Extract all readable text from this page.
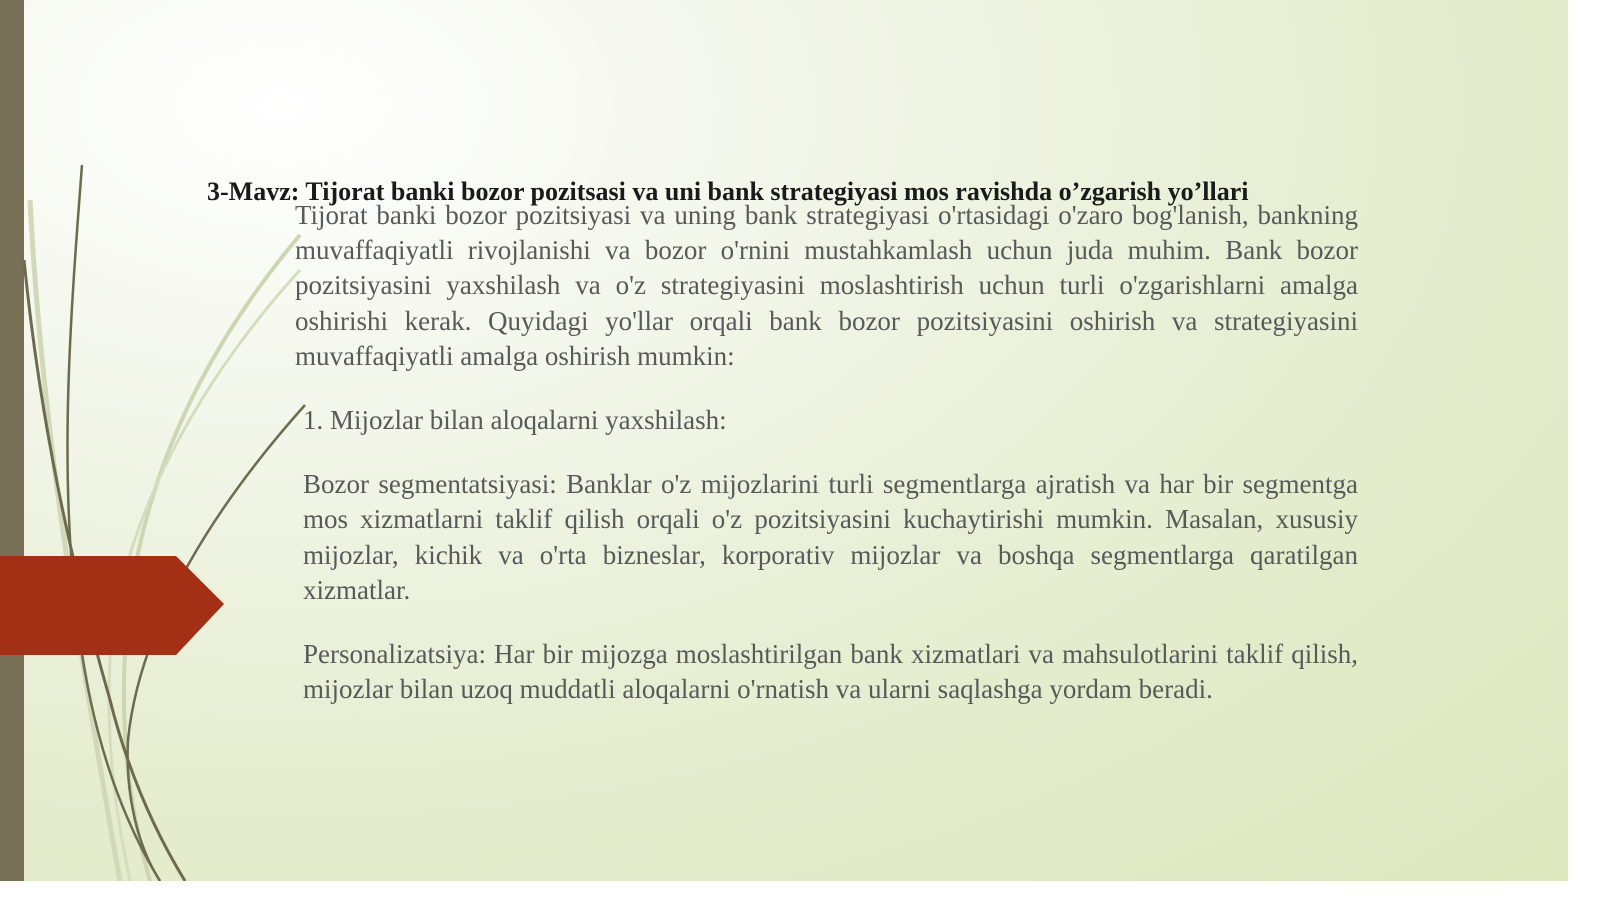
3-Mavz: Tijorat banki bozor pozitsasi va uni bank strategiyasi mos ravishda o’zgarish yo’llari

Tijorat banki bozor pozitsiyasi va uning bank strategiyasi o'rtasidagi o'zaro bog'lanish, bankning muvaffaqiyatli rivojlanishi va bozor o'rnini mustahkamlash uchun juda muhim. Bank bozor pozitsiyasini yaxshilash va o'z strategiyasini moslashtirish uchun turli o'zgarishlarni amalga oshirishi kerak. Quyidagi yo'llar orqali bank bozor pozitsiyasini oshirish va strategiyasini muvaffaqiyatli amalga oshirish mumkin:

1. Mijozlar bilan aloqalarni yaxshilash:

Bozor segmentatsiyasi: Banklar o'z mijozlarini turli segmentlarga ajratish va har bir segmentga mos xizmatlarni taklif qilish orqali o'z pozitsiyasini kuchaytirishi mumkin. Masalan, xususiy mijozlar, kichik va o'rta biznеslar, korporativ mijozlar va boshqa segmentlarga qaratilgan xizmatlar.

Personalizatsiya: Har bir mijozga moslashtirilgan bank xizmatlari va mahsulotlarini taklif qilish, mijozlar bilan uzoq muddatli aloqalarni o'rnatish va ularni saqlashga yordam beradi.
